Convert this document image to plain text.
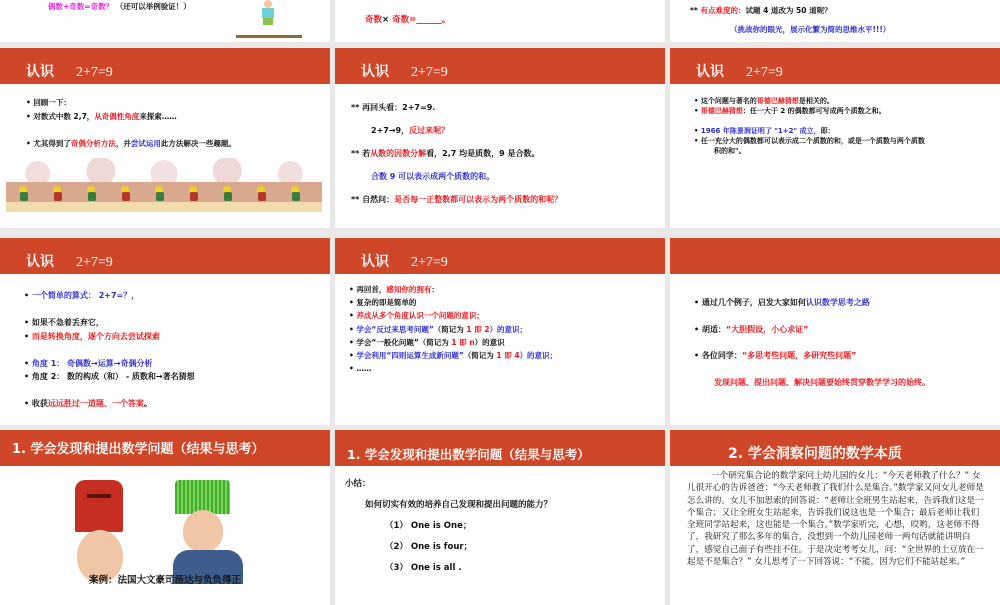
偶数+奇数=奇数？ （还可以举例验证！）
奇数× 奇数=______。
** 有点难度的：试题 4 道改为 50 道呢？
（挑战你的眼光，展示化繁为简的思维水平!!!）
认识 2+7=9
• 回顾一下：
• 对数式中数 2,7，从奇偶性角度来探索……

• 尤其得到了奇偶分析方法，并尝试运用此方法解决一些趣题。
认识 2+7=9
** 再回头看：2+7=9.
2+7→9，反过来呢？
** 若从数的因数分解看，2,7 均是质数，9 是合数。
合数 9 可以表示成两个质数的和。
** 自然问：是否每一正整数都可以表示为两个质数的和呢？
认识 2+7=9
• 这个问题与著名的哥德巴赫猜想是相关的。
• 哥德巴赫猜想：任一大于 2 的偶数都可写成两个质数之和。

• 1966 年陈景润证明了 "1+2" 成立，即：
• 任一充分大的偶数都可以表示成二个质数的和，或是一个质数与两个质数
积的和"。
认识 2+7=9
• 一个简单的算式： 2+7=？，

• 如果不急着丢弃它，
• 而是转换角度，逐个方向去尝试探索

• 角度 1： 奇偶数→运算→奇偶分析
• 角度 2： 数的构成（和） - 质数和→著名猜想

• 收获远远胜过一道题、一个答案。
认识 2+7=9
• 再回首，感知你的拥有：
• 复杂的即是简单的
• 养成从多个角度认识一个问题的意识；
• 学会“反过来思考问题”（简记为 1 即 2）的意识；
• 学会“一般化问题”（简记为 1 即 n）的意识
• 学会利用“四则运算生成新问题”（简记为 1 即 4）的意识；
• ……
• 通过几个例子，启发大家如何认识数学思考之路
• 胡适：“大胆假设，小心求证”
• 各位同学：“多思考些问题，多研究些问题”
发现问题、提出问题、解决问题要始终贯穿数学学习的始终。
1. 学会发现和提出数学问题（结果与思考）
案例：法国大文豪司汤达与负负得正
1. 学会发现和提出数学问题（结果与思考）
小结：
如何切实有效的培养自己发现和提出问题的能力？
（1） One is One；
（2） One is four；
（3） One is all .
2. 学会洞察问题的数学本质
一个研究集合论的数学家问上幼儿园的女儿：“今天老师教了什么？” 女儿很开心的告诉爸爸：“今天老师教了我们什么是集合。”数学家又问女儿老师是怎么讲的。女儿不加思索的回答说：“老师让全班男生站起来，告诉我们这是一个集合；又让全班女生站起来，告诉我们说这也是一个集合；最后老师让我们全班同学站起来，这也能是一个集合。”数学家听完，心想，哎哟，这老师不得了，我研究了那么多年的集合，没想到一个幼儿园老师一两句话就能讲明白了，感觉自己面子有些挂不住。于是决定考考女儿，问：“全世界的土豆放在一起是不是集合？” 女儿思考了一下回答说：“不能，因为它们不能站起来。”
